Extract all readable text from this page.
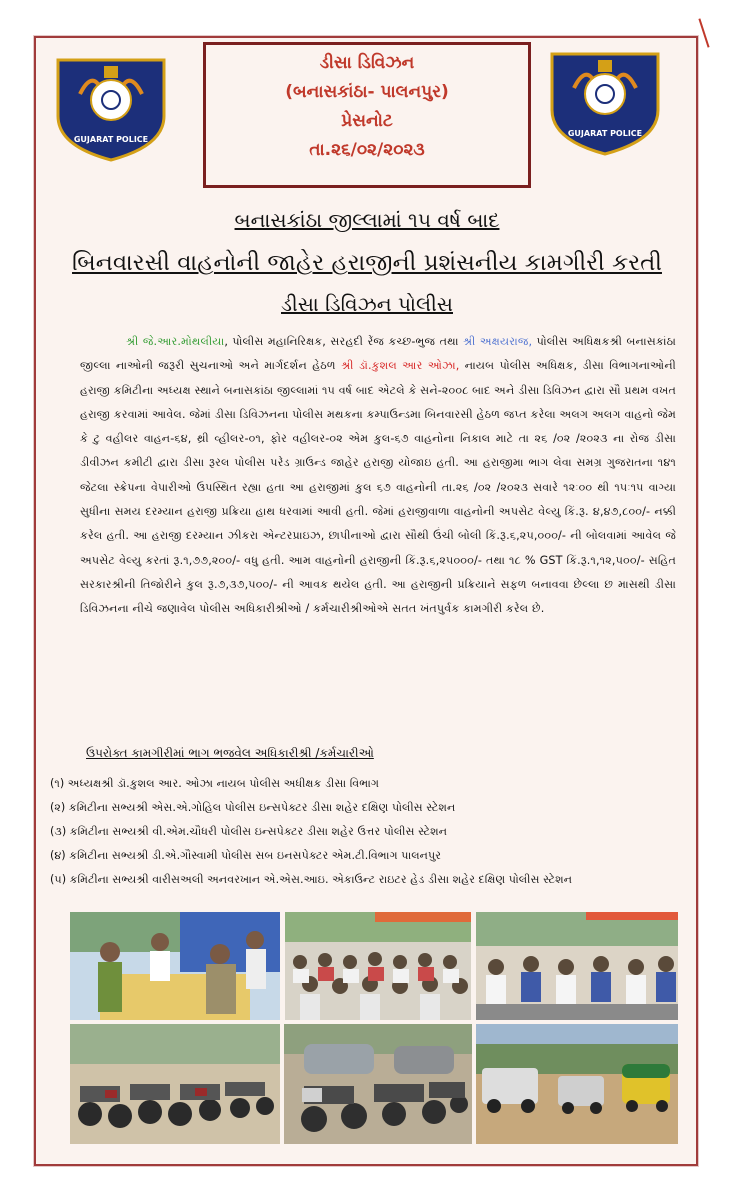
GUJARAT POLICE
GUJARAT POLICE
ડીસા ડિવિઝન
(બનાસકાંઠા- પાલનપુર)
પ્રેસનોટ
તા.૨૬/૦૨/૨૦૨૩
બનાસકાંઠા જીલ્લામાં ૧૫ વર્ષ બાદ
બિનવારસી વાહનોની જાહેર હરાજીની પ્રશંસનીય કામગીરી કરતી
ડીસા ડિવિઝન પોલીસ
શ્રી જે.આર.મોથલીયા, પોલીસ મહાનિરિક્ષક, સરહદી રેંજ કચ્છ-ભુજ તથા શ્રી અક્ષયરાજ, પોલીસ અધિક્ષકશ્રી બનાસકાંઠા જીલ્લા નાઓની જરૂરી સુચનાઓ અને માર્ગદર્શન હેઠળ શ્રી ડૉ.કુશલ આર ઓઝા, નાયબ પોલીસ અધિક્ષક, ડીસા વિભાગનાઓની હરાજી કમિટીના અધ્યક્ષ સ્થાને બનાસકાંઠા જીલ્લામાં ૧૫ વર્ષ બાદ એટલે કે સને-૨૦૦૮ બાદ અને ડીસા ડિવિઝન દ્વારા સૌ પ્રથમ વખત હરાજી કરવામાં આવેલ. જેમાં ડીસા ડિવિઝનના પોલીસ મથકના કમ્પાઉન્ડમા બિનવારસી હેઠળ જપ્ત કરેલા અલગ અલગ વાહનો જેમ કે ટુ વહીલર વાહન-૬૪, થ્રી વ્હીલર-૦૧, ફોર વહીલર-૦૨ એમ કુલ-૬૭ વાહનોના નિકાલ માટે તા ૨૬ /૦૨ /૨૦૨૩ ના રોજ ડીસા ડીવીઝન કમીટી દ્વારા ડીસા રૂરલ પોલીસ પરેડ ગ્રાઉન્ડ જાહેર હરાજી યોજાઇ હતી. આ હરાજીમા ભાગ લેવા સમગ્ર ગુજરાતના ૧૪૧ જેટલા સ્ક્રેપના વેપારીઓ ઉપસ્થિત રહ્યા હતા આ હરાજીમાં કુલ ૬૭ વાહનોની તા.૨૬ /૦૨ /૨૦૨૩ સવારે ૧૨ઃ૦૦ થી ૧૫ઃ૧૫ વાગ્યા સુધીના સમય દરમ્યાન હરાજી પ્રક્રિયા હાથ ધરવામાં આવી હતી. જેમાં હરાજીવાળા વાહનોની અપસેટ વેલ્યુ કિં.રૂ. ૪,૪૭,૮૦૦/- નક્કી કરેલ હતી. આ હરાજી દરમ્યાન ઝીકરા એન્ટરપ્રાઇઝ, છાપીનાઓ દ્વારા સૌથી ઉંચી બોલી કિં.રૂ.૬,૨૫,૦૦૦/- ની બોલવામાં આવેલ જે અપસેટ વેલ્યુ કરતાં રૂ.૧,૭૭,૨૦૦/- વધુ હતી. આમ વાહનોની હરાજીની કિં.રૂ.૬,૨૫૦૦૦/- તથા ૧૮ % GST કિં.રૂ.૧,૧૨,૫૦૦/- સહિત સરકારશ્રીની તિજોરીને કુલ રૂ.૭,૩૭,૫૦૦/- ની આવક થયેલ હતી. આ હરાજીની પ્રક્રિયાને સફળ બનાવવા છેલ્લા છ માસથી ડીસા ડિવિઝનના નીચે જણાવેલ પોલીસ અધિકારીશ્રીઓ / કર્મચારીશ્રીઓએ સતત ખંતપુર્વક કામગીરી કરેલ છે.
ઉપરોક્ત કામગીરીમાં ભાગ ભજવેલ અધિકારીશ્રી /કર્મચારીઓ
(૧) અધ્યક્ષશ્રી ડૉ.કુશલ આર. ઓઝા નાયબ પોલીસ અધીક્ષક ડીસા વિભાગ
(૨) કમિટીના સભ્યશ્રી એસ.એ.ગોહિલ પોલીસ ઇન્સપેક્ટર ડીસા શહેર દક્ષિણ પોલીસ સ્ટેશન
(૩) કમિટીના સભ્યશ્રી વી.એમ.ચૌધરી પોલીસ ઇન્સપેક્ટર ડીસા શહેર ઉત્તર પોલીસ સ્ટેશન
(૪) કમિટીના સભ્યશ્રી ડી.એ.ગૌસ્વામી પોલીસ સબ ઇનસપેક્ટર એમ.ટી.વિભાગ પાલનપુર
(૫) કમિટીના સભ્યશ્રી વારીસઅલી અનવરખાન એ.એસ.આઇ. એકાઉન્ટ રાઇટર હેડ ડીસા શહેર દક્ષિણ પોલીસ સ્ટેશન
